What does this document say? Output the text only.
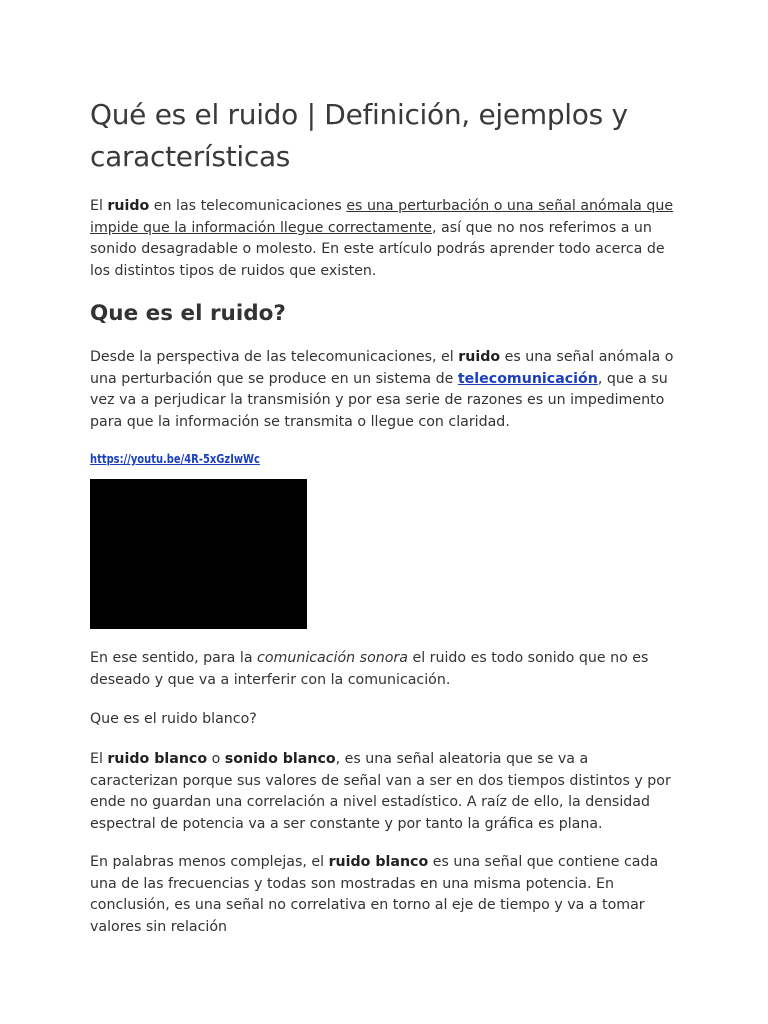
Qué es el ruido | Definición, ejemplos y características

El ruido en las telecomunicaciones es una perturbación o una señal anómala que impide que la información llegue correctamente, así que no nos referimos a un sonido desagradable o molesto. En este artículo podrás aprender todo acerca de los distintos tipos de ruidos que existen.

Que es el ruido?

Desde la perspectiva de las telecomunicaciones, el ruido es una señal anómala o una perturbación que se produce en un sistema de telecomunicación, que a su vez va a perjudicar la transmisión y por esa serie de razones es un impedimento para que la información se transmita o llegue con claridad.

https://youtu.be/4R-5xGzIwWc

En ese sentido, para la comunicación sonora el ruido es todo sonido que no es deseado y que va a interferir con la comunicación.

Que es el ruido blanco?

El ruido blanco o sonido blanco, es una señal aleatoria que se va a caracterizan porque sus valores de señal van a ser en dos tiempos distintos y por ende no guardan una correlación a nivel estadístico. A raíz de ello, la densidad espectral de potencia va a ser constante y por tanto la gráfica es plana.

En palabras menos complejas, el ruido blanco es una señal que contiene cada una de las frecuencias y todas son mostradas en una misma potencia. En conclusión, es una señal no correlativa en torno al eje de tiempo y va a tomar valores sin relación
